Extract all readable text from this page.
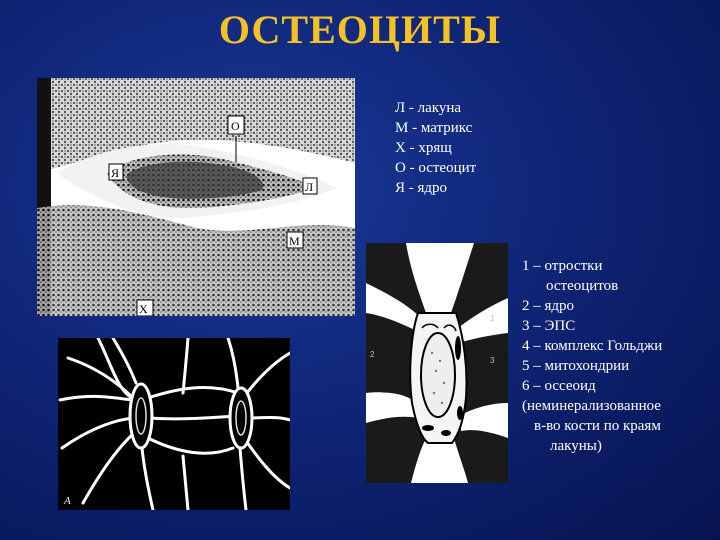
ОСТЕОЦИТЫ
О
Я
Л
М
Х
А
1
2
3
Л - лакуна
М - матрикс
Х - хрящ
О - остеоцит
Я - ядро
1 – отростки
остеоцитов
2 – ядро
3 – ЭПС
4 – комплекс Гольджи
5 – митохондрии
6 – оссеоид
(неминерализованное
в-во кости по краям
лакуны)
